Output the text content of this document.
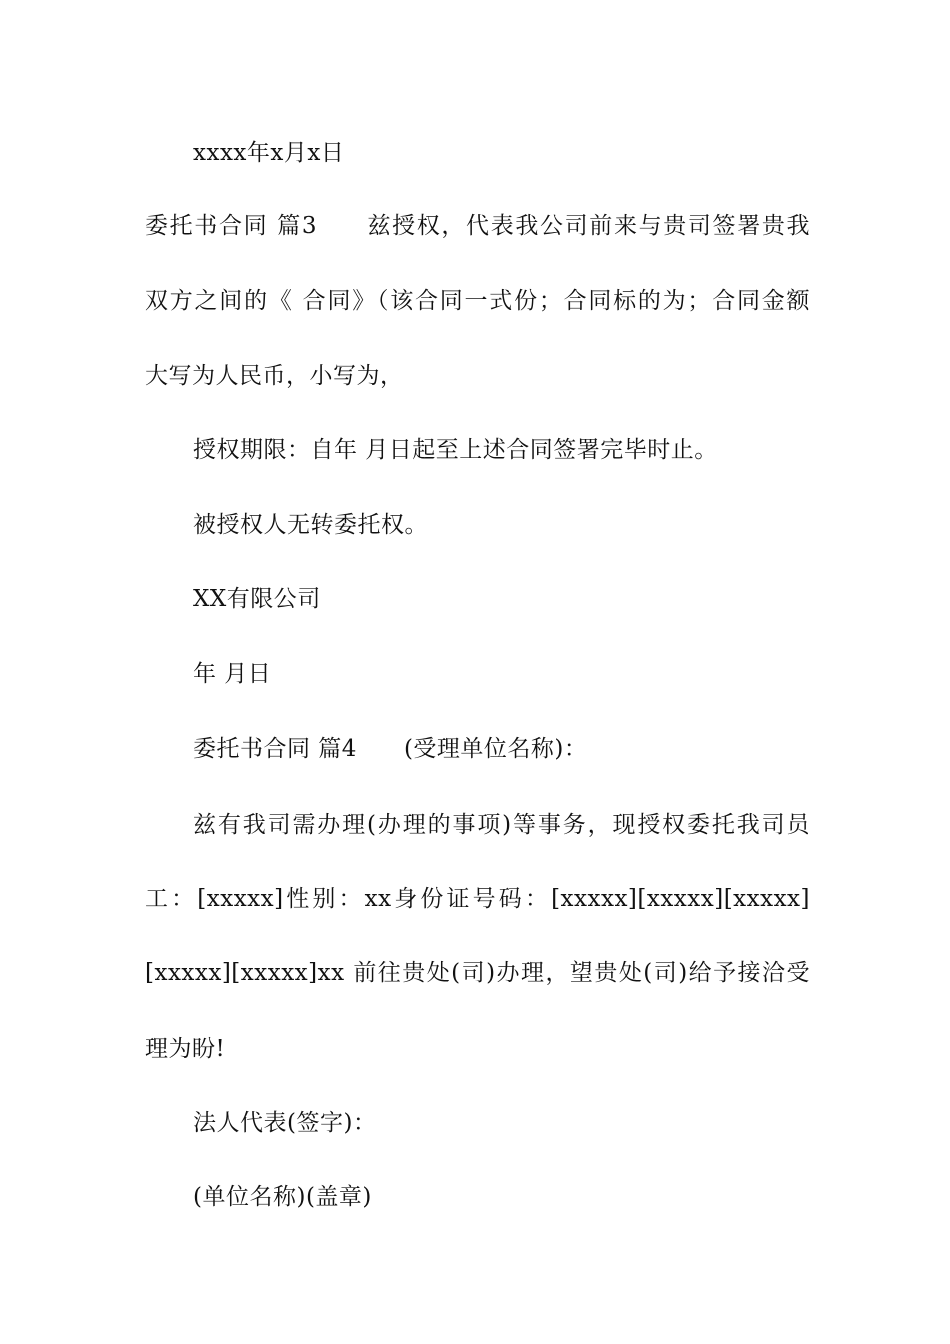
xxxx年x月x日
委托书合同 篇3　　兹授权，代表我公司前来与贵司签署贵我
双方之间的《 合同》（该合同一式份；合同标的为；合同金额
大写为人民币，小写为，
授权期限：自年 月日起至上述合同签署完毕时止。
被授权人无转委托权。
XX有限公司
年 月日
委托书合同 篇4　　(受理单位名称)：
兹有我司需办理(办理的事项)等事务，现授权委托我司员
工：[xxxxx]性别：xx身份证号码：[xxxxx][xxxxx][xxxxx]
[xxxxx][xxxxx]xx 前往贵处(司)办理，望贵处(司)给予接洽受
理为盼!
法人代表(签字)：
(单位名称)(盖章)
